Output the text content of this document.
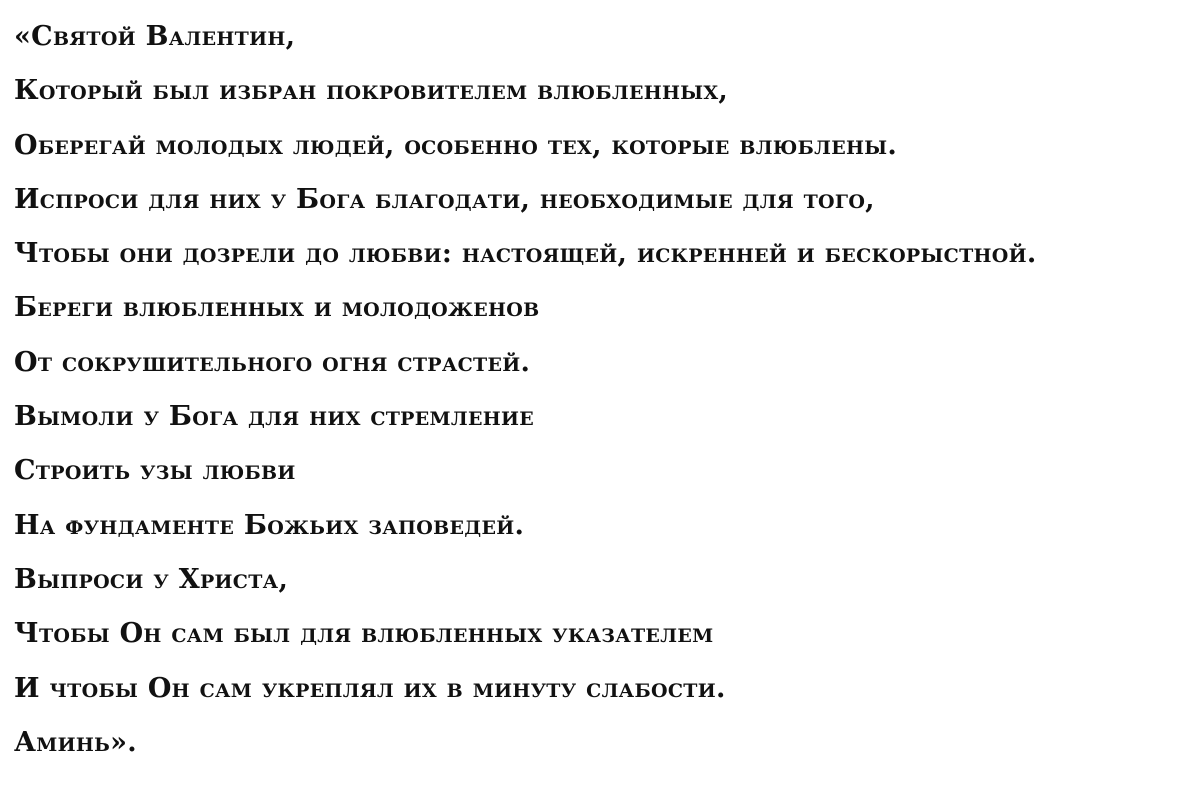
«Святой Валентин,
Который был избран покровителем влюбленных,
Оберегай молодых людей, особенно тех, которые влюблены.
Испроси для них у Бога благодати, необходимые для того,
Чтобы они дозрели до любви: настоящей, искренней и бескорыстной.
Береги влюбленных и молодоженов
От сокрушительного огня страстей.
Вымоли у Бога для них стремление
Строить узы любви
На фундаменте Божьих заповедей.
Выпроси у Христа,
Чтобы Он сам был для влюбленных указателем
И чтобы Он сам укреплял их в минуту слабости.
Аминь».
